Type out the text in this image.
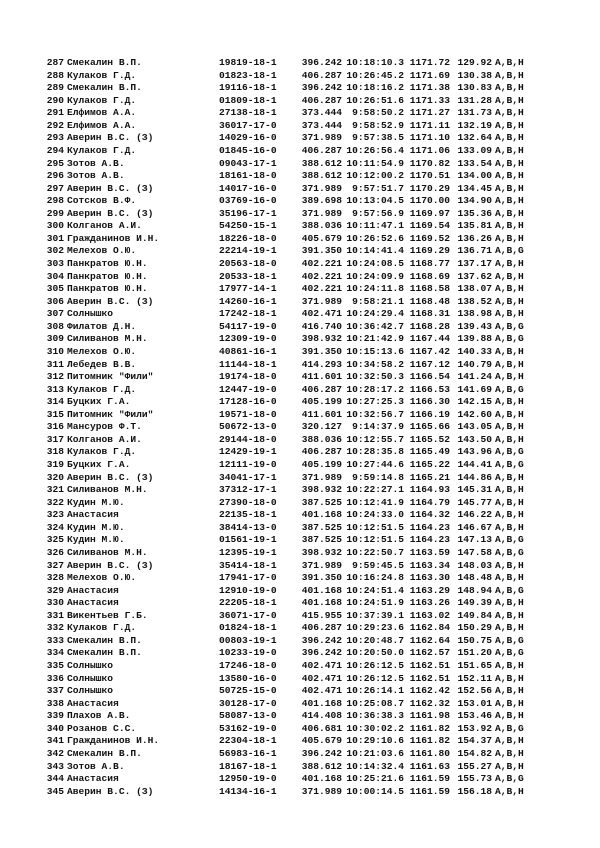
287 Смекалин В.П.	19819-18-1	396.242 10:18:10.3 1171.72 129.92 A,B,H
288 Кулаков Г.Д.	01823-18-1	406.287 10:26:45.2 1171.69 130.38 A,B,H
289 Смекалин В.П.	19116-18-1	396.242 10:18:16.2 1171.38 130.83 A,B,H
290 Кулаков Г.Д.	01809-18-1	406.287 10:26:51.6 1171.33 131.28 A,B,H
291 Елфимов А.А.	27138-18-1	373.444	9:58:50.2 1171.27 131.73 A,B,H
292 Елфимов А.А.	36017-17-0	373.444	9:58:52.9 1171.11 132.19 A,B,H
293 Аверин В.С. (З)	14029-16-0	371.989	9:57:38.5 1171.10 132.64 A,B,H
294 Кулаков Г.Д.	01845-16-0	406.287 10:26:56.4 1171.06 133.09 A,B,H
295 Зотов А.В.	09043-17-1	388.612 10:11:54.9 1170.82 133.54 A,B,H
296 Зотов А.В.	18161-18-0	388.612 10:12:00.2 1170.51 134.00 A,B,H
297 Аверин В.С. (З)	14017-16-0	371.989	9:57:51.7 1170.29 134.45 A,B,H
298 Сотсков В.Ф.	03769-16-0	389.698 10:13:04.5 1170.00 134.90 A,B,H
299 Аверин В.С. (З)	35196-17-1	371.989	9:57:56.9 1169.97 135.36 A,B,H
300 Колганов А.И.	54250-15-1	388.036 10:11:47.1 1169.54 135.81 A,B,H
301 Гражданинов И.Н.	18226-18-0	405.679 10:26:52.6 1169.52 136.26 A,B,H
302 Мелехов О.Ю.	22214-19-1	391.350 10:14:41.4 1169.29 136.71 A,B,G
303 Панкратов Ю.Н.	20563-18-0	402.221 10:24:08.5 1168.77 137.17 A,B,H
304 Панкратов Ю.Н.	20533-18-1	402.221 10:24:09.9 1168.69 137.62 A,B,H
305 Панкратов Ю.Н.	17977-14-1	402.221 10:24:11.8 1168.58 138.07 A,B,H
306 Аверин В.С. (З)	14260-16-1	371.989	9:58:21.1 1168.48 138.52 A,B,H
307 Солнышко	17242-18-1	402.471 10:24:29.4 1168.31 138.98 A,B,H
308 Филатов Д.Н.	54117-19-0	416.740 10:36:42.7 1168.28 139.43 A,B,G
309 Силиванов М.Н.	12309-19-0	398.932 10:21:42.9 1167.44 139.88 A,B,G
310 Мелехов О.Ю.	40861-16-1	391.350 10:15:13.6 1167.42 140.33 A,B,H
311 Лебедев В.В.	11144-18-1	414.293 10:34:58.2 1167.12 140.79 A,B,H
312 Питомник "Фили"	19174-18-0	411.601 10:32:50.3 1166.54 141.24 A,B,H
313 Кулаков Г.Д.	12447-19-0	406.287 10:28:17.2 1166.53 141.69 A,B,G
314 Буцких Г.А.	17128-16-0	405.199 10:27:25.3 1166.30 142.15 A,B,H
315 Питомник "Фили"	19571-18-0	411.601 10:32:56.7 1166.19 142.60 A,B,H
316 Мансуров Ф.Т.	50672-13-0	320.127	9:14:37.9 1165.66 143.05 A,B,H
317 Колганов А.И.	29144-18-0	388.036 10:12:55.7 1165.52 143.50 A,B,H
318 Кулаков Г.Д.	12429-19-1	406.287 10:28:35.8 1165.49 143.96 A,B,G
319 Буцких Г.А.	12111-19-0	405.199 10:27:44.6 1165.22 144.41 A,B,G
320 Аверин В.С. (З)	34041-17-1	371.989	9:59:14.8 1165.21 144.86 A,B,H
321 Силиванов М.Н.	37312-17-1	398.932 10:22:27.1 1164.93 145.31 A,B,H
322 Кудин М.Ю.	27390-18-0	387.525 10:12:41.9 1164.79 145.77 A,B,H
323 Анастасия	22135-18-1	401.168 10:24:33.0 1164.32 146.22 A,B,H
324 Кудин М.Ю.	38414-13-0	387.525 10:12:51.5 1164.23 146.67 A,B,H
325 Кудин М.Ю.	01561-19-1	387.525 10:12:51.5 1164.23 147.13 A,B,G
326 Силиванов М.Н.	12395-19-1	398.932 10:22:50.7 1163.59 147.58 A,B,G
327 Аверин В.С. (З)	35414-18-1	371.989	9:59:45.5 1163.34 148.03 A,B,H
328 Мелехов О.Ю.	17941-17-0	391.350 10:16:24.8 1163.30 148.48 A,B,H
329 Анастасия	12910-19-0	401.168 10:24:51.4 1163.29 148.94 A,B,G
330 Анастасия	22205-18-1	401.168 10:24:51.9 1163.26 149.39 A,B,H
331 Викентьев Г.Б.	36071-17-0	415.955 10:37:39.1 1163.02 149.84 A,B,H
332 Кулаков Г.Д.	01824-18-1	406.287 10:29:23.6 1162.84 150.29 A,B,H
333 Смекалин В.П.	00803-19-1	396.242 10:20:48.7 1162.64 150.75 A,B,G
334 Смекалин В.П.	10233-19-0	396.242 10:20:50.0 1162.57 151.20 A,B,G
335 Солнышко	17246-18-0	402.471 10:26:12.5 1162.51 151.65 A,B,H
336 Солнышко	13580-16-0	402.471 10:26:12.5 1162.51 152.11 A,B,H
337 Солнышко	50725-15-0	402.471 10:26:14.1 1162.42 152.56 A,B,H
338 Анастасия	30128-17-0	401.168 10:25:08.7 1162.32 153.01 A,B,H
339 Плахов А.В.	58087-13-0	414.408 10:36:38.3 1161.98 153.46 A,B,H
340 Розанов С.С.	53162-19-0	406.681 10:30:02.2 1161.82 153.92 A,B,G
341 Гражданинов И.Н.	22304-18-1	405.679 10:29:10.6 1161.82 154.37 A,B,H
342 Смекалин В.П.	56983-16-1	396.242 10:21:03.6 1161.80 154.82 A,B,H
343 Зотов А.В.	18167-18-1	388.612 10:14:32.4 1161.63 155.27 A,B,H
344 Анастасия	12950-19-0	401.168 10:25:21.6 1161.59 155.73 A,B,G
345 Аверин В.С. (З)	14134-16-1	371.989 10:00:14.5 1161.59 156.18 A,B,H
